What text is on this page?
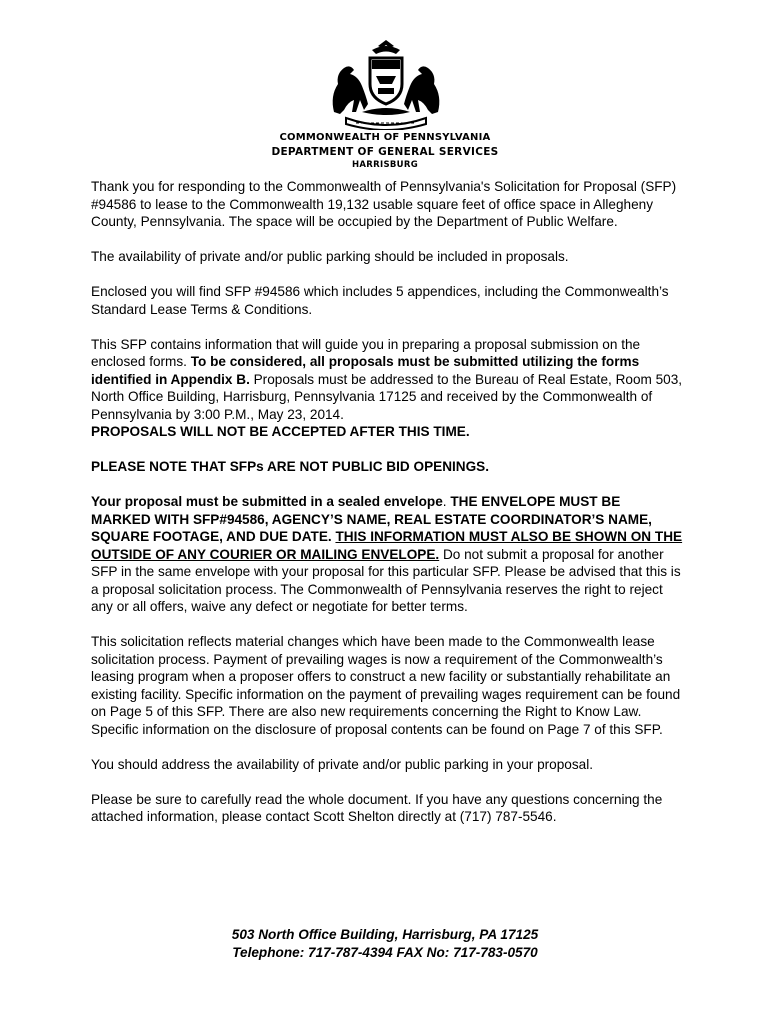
COMMONWEALTH OF PENNSYLVANIA
DEPARTMENT OF GENERAL SERVICES
HARRISBURG

Thank you for responding to the Commonwealth of Pennsylvania's Solicitation for Proposal (SFP) #94586 to lease to the Commonwealth 19,132 usable square feet of office space in Allegheny County, Pennsylvania. The space will be occupied by the Department of Public Welfare.

The availability of private and/or public parking should be included in proposals.

Enclosed you will find SFP #94586 which includes 5 appendices, including the Commonwealth’s Standard Lease Terms & Conditions.

This SFP contains information that will guide you in preparing a proposal submission on the enclosed forms. To be considered, all proposals must be submitted utilizing the forms identified in Appendix B. Proposals must be addressed to the Bureau of Real Estate, Room 503, North Office Building, Harrisburg, Pennsylvania 17125 and received by the Commonwealth of Pennsylvania by 3:00 P.M., May 23, 2014.
PROPOSALS WILL NOT BE ACCEPTED AFTER THIS TIME.

PLEASE NOTE THAT SFPs ARE NOT PUBLIC BID OPENINGS.

Your proposal must be submitted in a sealed envelope. THE ENVELOPE MUST BE MARKED WITH SFP#94586, AGENCY’S NAME, REAL ESTATE COORDINATOR’S NAME, SQUARE FOOTAGE, AND DUE DATE. THIS INFORMATION MUST ALSO BE SHOWN ON THE OUTSIDE OF ANY COURIER OR MAILING ENVELOPE. Do not submit a proposal for another SFP in the same envelope with your proposal for this particular SFP. Please be advised that this is a proposal solicitation process. The Commonwealth of Pennsylvania reserves the right to reject any or all offers, waive any defect or negotiate for better terms.

This solicitation reflects material changes which have been made to the Commonwealth lease solicitation process. Payment of prevailing wages is now a requirement of the Commonwealth’s leasing program when a proposer offers to construct a new facility or substantially rehabilitate an existing facility. Specific information on the payment of prevailing wages requirement can be found on Page 5 of this SFP. There are also new requirements concerning the Right to Know Law. Specific information on the disclosure of proposal contents can be found on Page 7 of this SFP.

You should address the availability of private and/or public parking in your proposal.

Please be sure to carefully read the whole document. If you have any questions concerning the attached information, please contact Scott Shelton directly at (717) 787-5546.

503 North Office Building, Harrisburg, PA 17125
Telephone: 717-787-4394 FAX No: 717-783-0570
